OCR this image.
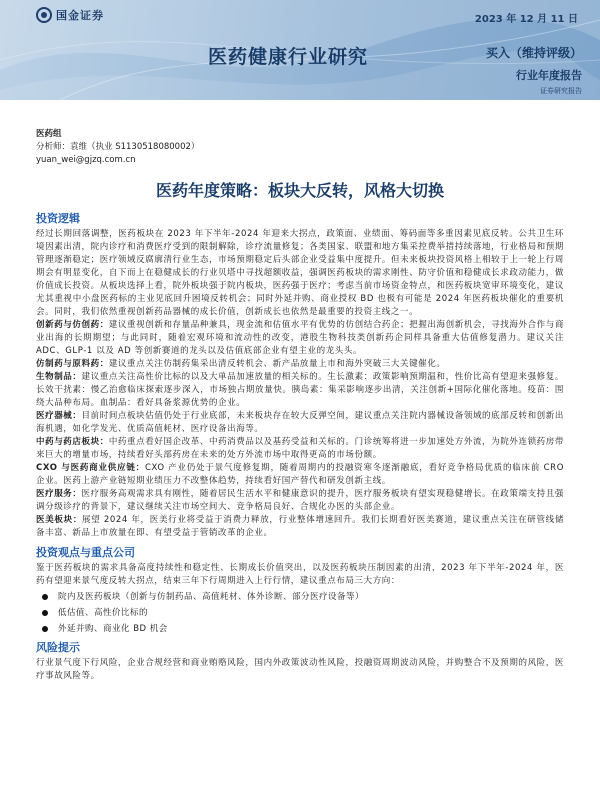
国金证券	2023 年 12 月 11 日
医药健康行业研究	买入（维持评级）
行业年度报告
证券研究报告
医药组
分析师：袁维（执业 S1130518080002）
yuan_wei@gjzq.com.cn
医药年度策略：板块大反转，风格大切换
投资逻辑

经过长期回落调整，医药板块在 2023 年下半年-2024 年迎来大拐点，政策面、业绩面、筹码面等多重因素见底反转。公共卫生环境因素出清，院内诊疗和消费医疗受到的限制解除，诊疗流量修复；各类国家、联盟和地方集采控费举措持续落地，行业格局和预期管理逐渐稳定；医疗领域反腐廓清行业生态，市场预期稳定后头部企业受益集中度提升。但未来板块投资风格上相较于上一轮上行周期会有明显变化，自下而上在稳健成长的行业贝塔中寻找超额收益，强调医药板块的需求刚性、防守价值和稳健成长求政动能力，做价值成长投资。从板块选择上看，院外板块强于院内板块，医药强于医疗；考虑当前市场资金特点，和医药板块宽审环境变化，建议尤其重视中小盘医药标的主业见底回升困境反转机会；同时外延并购、商业授权 BD 也极有可能是 2024 年医药板块催化的重要机会。同时，我们依然重视创新药品器械的成长价值，创新成长也依然是最重要的投资主线之一。

创新药与仿创药：建议重视创新和存量品种兼具，现金流和估值水平有优势的仿创结合药企；把握出海创新机会，寻找海外合作与商业出海的长期期望；与此同时，随着宏观环境和流动性的改变，港股生物科技类创新药企同样具备重大估值修复潜力。建议关注 ADC、GLP-1 以及 AD 等创新赛道的龙头以及估值底部企业有望主业的龙头头。

仿制药与原料药：建议重点关注仿制药集采出清反转机会、新产品放量上市和海外突破三大关键催化。

生物制品：建议重点关注高性价比标的以及大单品加速放量的相关标的。生长激素：政策影响预期温和，性价比高有望迎来强修复。长效干扰素：慢乙治愈临床探索逐步深入，市场独占期放量快。胰岛素：集采影响逐步出清，关注创新+国际化催化落地。疫苗：围绕大品种布局。血制品：看好具备浆源优势的企业。

医疗器械：目前时间点板块估值仍处于行业底部，未来板块存在较大反弹空间，建议重点关注院内器械设备领域的底部反转和创新出海机遇，如化学发光、优质高值耗材、医疗设备出海等。

中药与药店板块：中药重点看好国企改革、中药消费品以及基药受益和关标的。门诊统筹将进一步加速处方外流，为院外连锁药房带来巨大的增量市场，持续看好头部药房在未来的处方外流市场中取得更高的市场份额。

CXO 与医药商业供应链：CXO 产业仍处于景气度修复期，随着周期内的投融资寒冬逐渐融底，看好竞争格局优质的临床前 CRO 企业。医药上游产业链短期业绩压力不改整体趋势，持续看好国产替代和研发创新主线。

医疗服务：医疗服务高观需求具有刚性，随着居民生活水平和健康意识的提升，医疗服务板块有望实现稳健增长。在政策端支持且强调分级诊疗的背景下，建议继续关注市场空间大、竞争格局良好、合规化办医的头部企业。

医美板块：展望 2024 年，医美行业将受益于消费力释放，行业整体增速回升。我们长期看好医美赛道，建议重点关注在研管线储备丰富、新品上市放量在即、有望受益于管销改革的企业。

投资观点与重点公司

鉴于医药板块的需求具备高度持续性和稳定性、长期成长价值突出，以及医药板块压制因素的出清，2023 年下半年-2024 年，医药有望迎来景气度反转大拐点，结束三年下行周期进入上行行情，建议重点布局三大方向：

院内及医药板块（创新与仿制药品、高值耗材、体外诊断、部分医疗设备等）
低估值、高性价比标的
外延并购、商业化 BD 机会
风险提示

行业景气度下行风险，企业合规经营和商业贿赂风险，国内外政策波动性风险，投融资周期波动风险，并购整合不及预期的风险，医疗事故风险等。
